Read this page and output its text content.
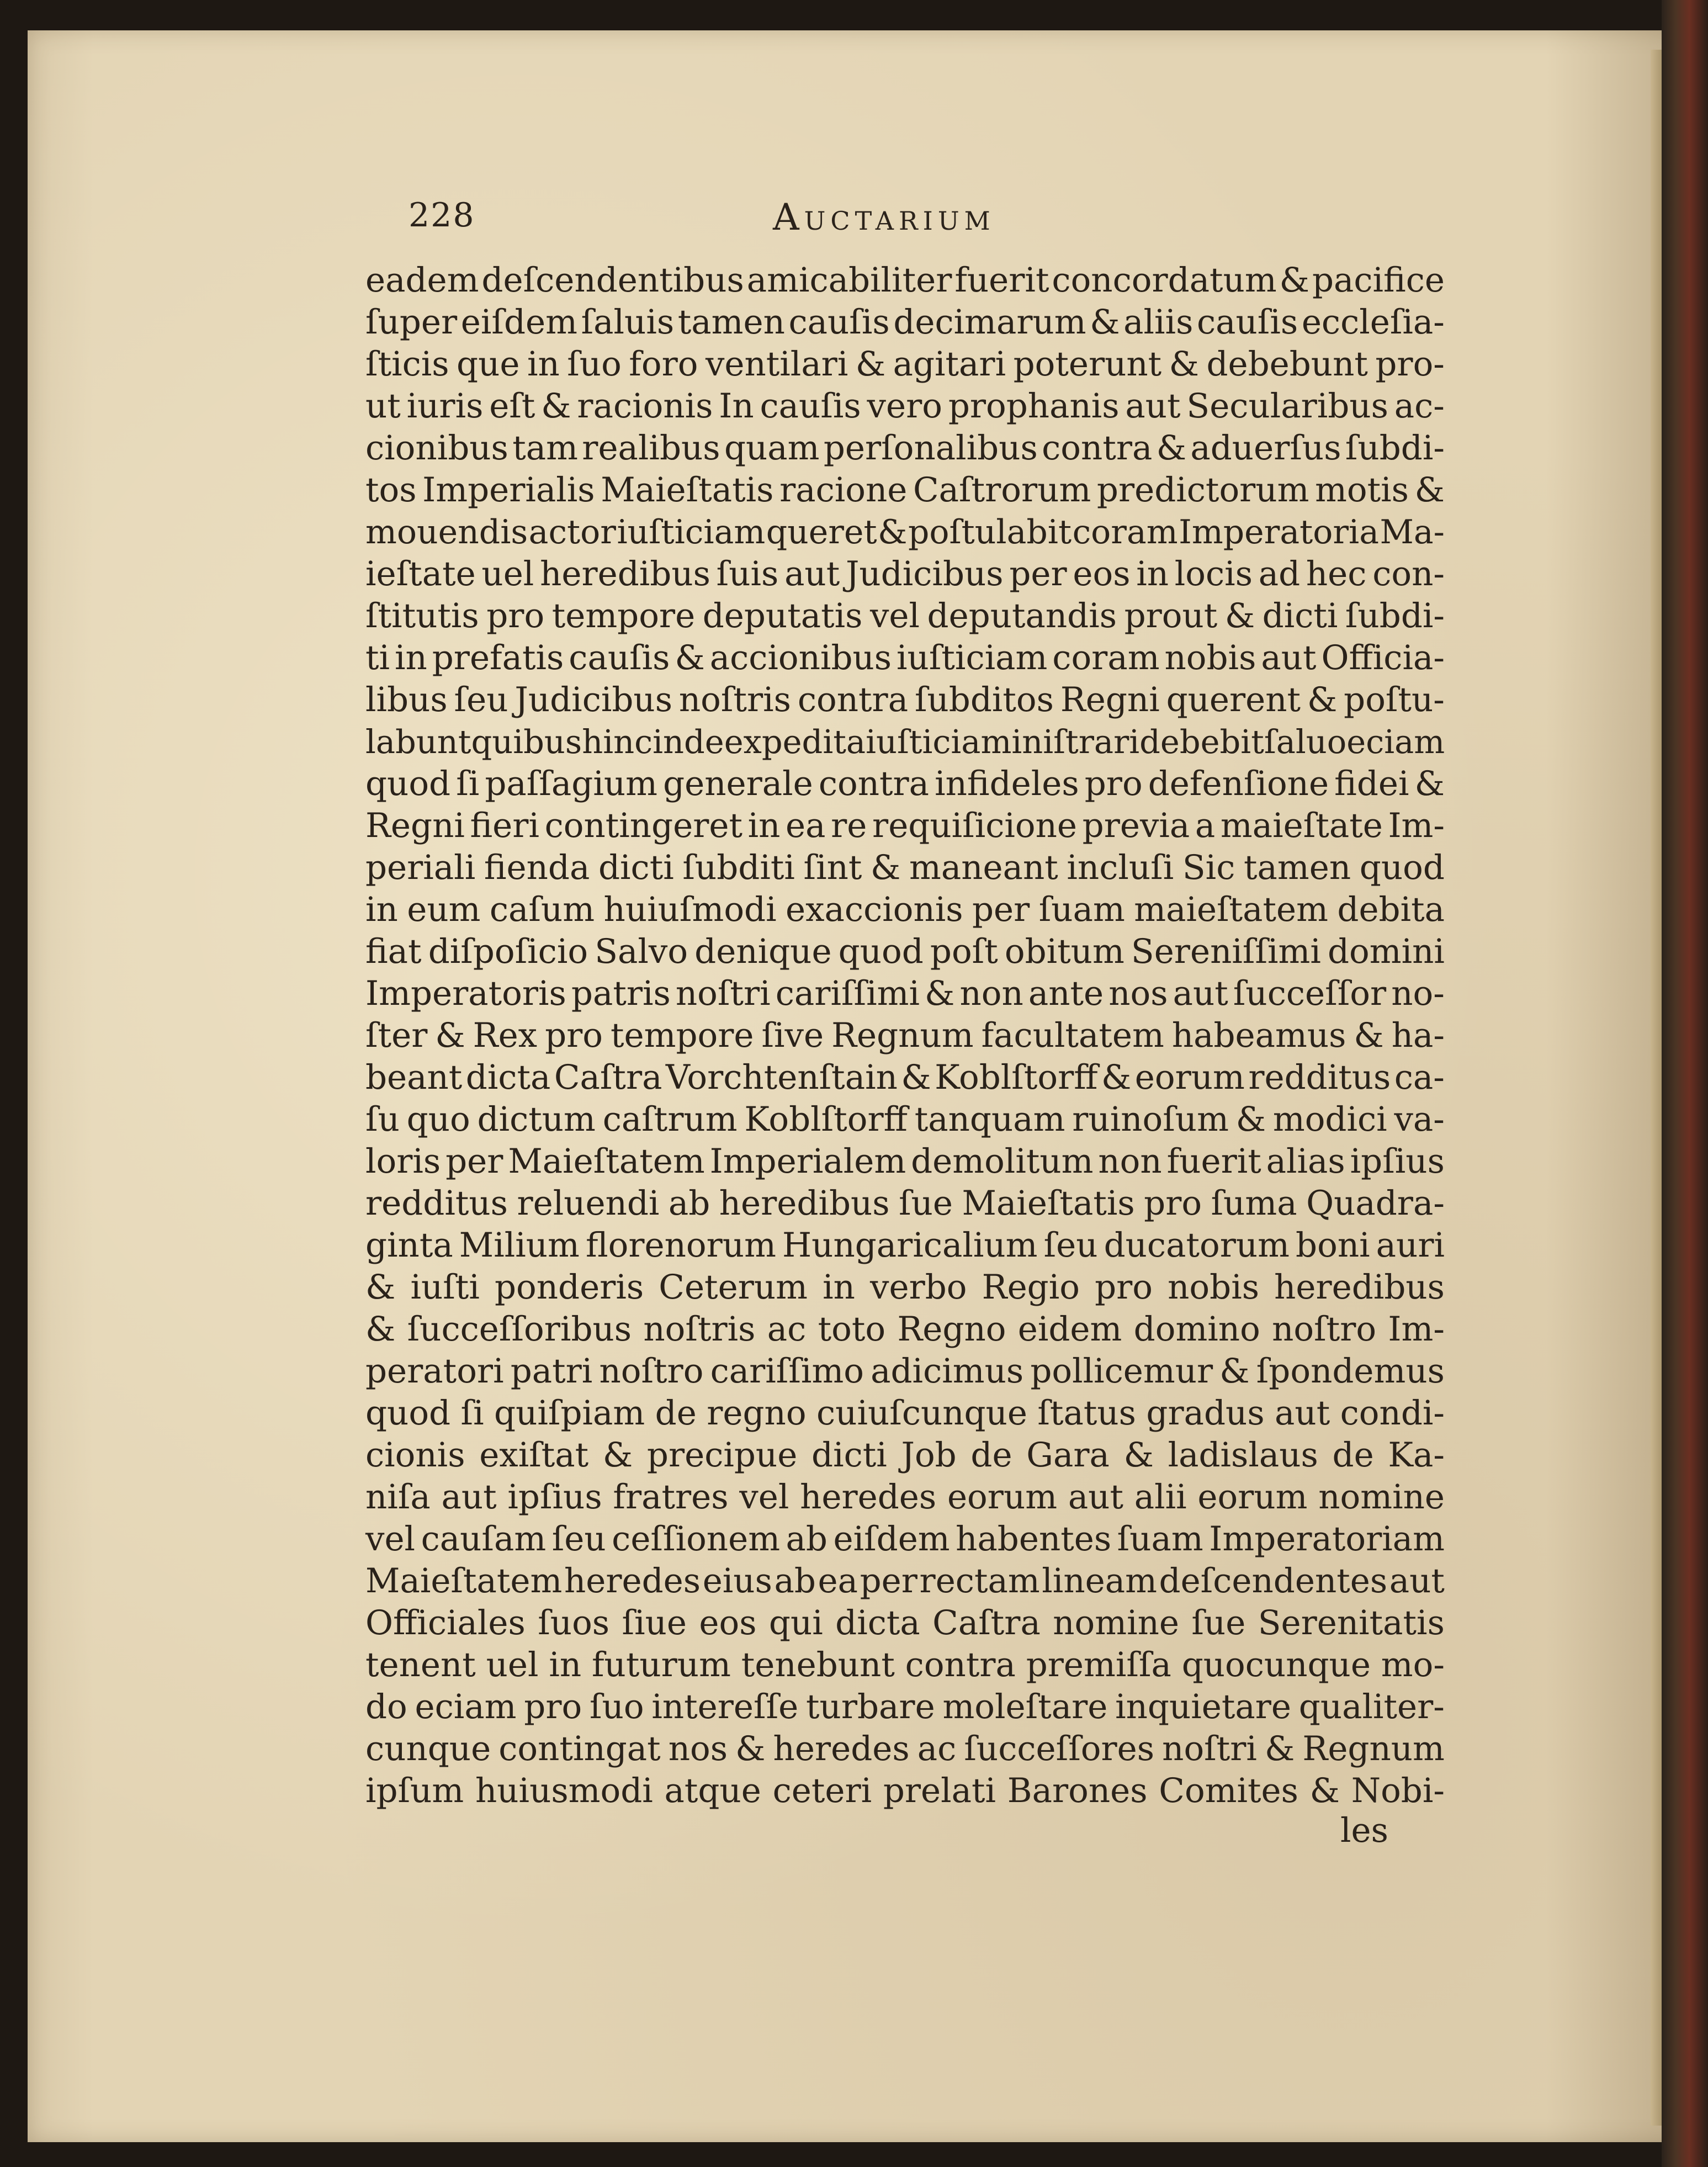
228	Auctarium
eadem deſcendentibus amicabiliter fuerit concordatum & pacifice
ſuper eiſdem ſaluis tamen cauſis decimarum & aliis cauſis eccleſia-
ſticis que in ſuo foro ventilari & agitari poterunt & debebunt pro-
ut iuris eſt & racionis In cauſis vero prophanis aut Secularibus ac-
cionibus tam realibus quam perſonalibus contra & aduerſus ſubdi-
tos Imperialis Maieſtatis racione Caſtrorum predictorum motis &
mouendis actor iuſticiam queret & poſtulabit coram Imperatoria Ma-
ieſtate uel heredibus ſuis aut Judicibus per eos in locis ad hec con-
ſtitutis pro tempore deputatis vel deputandis prout & dicti ſubdi-
ti in prefatis cauſis & accionibus iuſticiam coram nobis aut Officia-
libus ſeu Judicibus noſtris contra ſubditos Regni querent & poſtu-
labunt quibus hincinde expedita iuſticia miniſtrari debebit ſaluo eciam
quod ſi paſſagium generale contra infideles pro defenſione fidei &
Regni fieri contingeret in ea re requiſicione previa a maieſtate Im-
periali fienda dicti ſubditi ſint & maneant incluſi Sic tamen quod
in eum caſum huiuſmodi exaccionis per ſuam maieſtatem debita
fiat diſpoſicio Salvo denique quod poſt obitum Sereniſſimi domini
Imperatoris patris noſtri cariſſimi & non ante nos aut ſucceſſor no-
ſter & Rex pro tempore ſive Regnum facultatem habeamus & ha-
beant dicta Caſtra Vorchtenſtain & Koblſtorff & eorum redditus ca-
ſu quo dictum caſtrum Koblſtorff tanquam ruinoſum & modici va-
loris per Maieſtatem Imperialem demolitum non fuerit alias ipſius
redditus reluendi ab heredibus ſue Maieſtatis pro ſuma Quadra-
ginta Milium florenorum Hungaricalium ſeu ducatorum boni auri
& iuſti ponderis Ceterum in verbo Regio pro nobis heredibus
& ſucceſſoribus noſtris ac toto Regno eidem domino noſtro Im-
peratori patri noſtro cariſſimo adicimus pollicemur & ſpondemus
quod ſi quiſpiam de regno cuiuſcunque ſtatus gradus aut condi-
cionis exiſtat & precipue dicti Job de Gara & ladislaus de Ka-
niſa aut ipſius fratres vel heredes eorum aut alii eorum nomine
vel cauſam ſeu ceſſionem ab eiſdem habentes ſuam Imperatoriam
Maieſtatem heredes eius ab ea per rectam lineam deſcendentes aut
Officiales ſuos ſiue eos qui dicta Caſtra nomine ſue Serenitatis
tenent uel in futurum tenebunt contra premiſſa quocunque mo-
do eciam pro ſuo intereſſe turbare moleſtare inquietare qualiter-
cunque contingat nos & heredes ac ſucceſſores noſtri & Regnum
ipſum huiusmodi atque ceteri prelati Barones Comites & Nobi-
les
